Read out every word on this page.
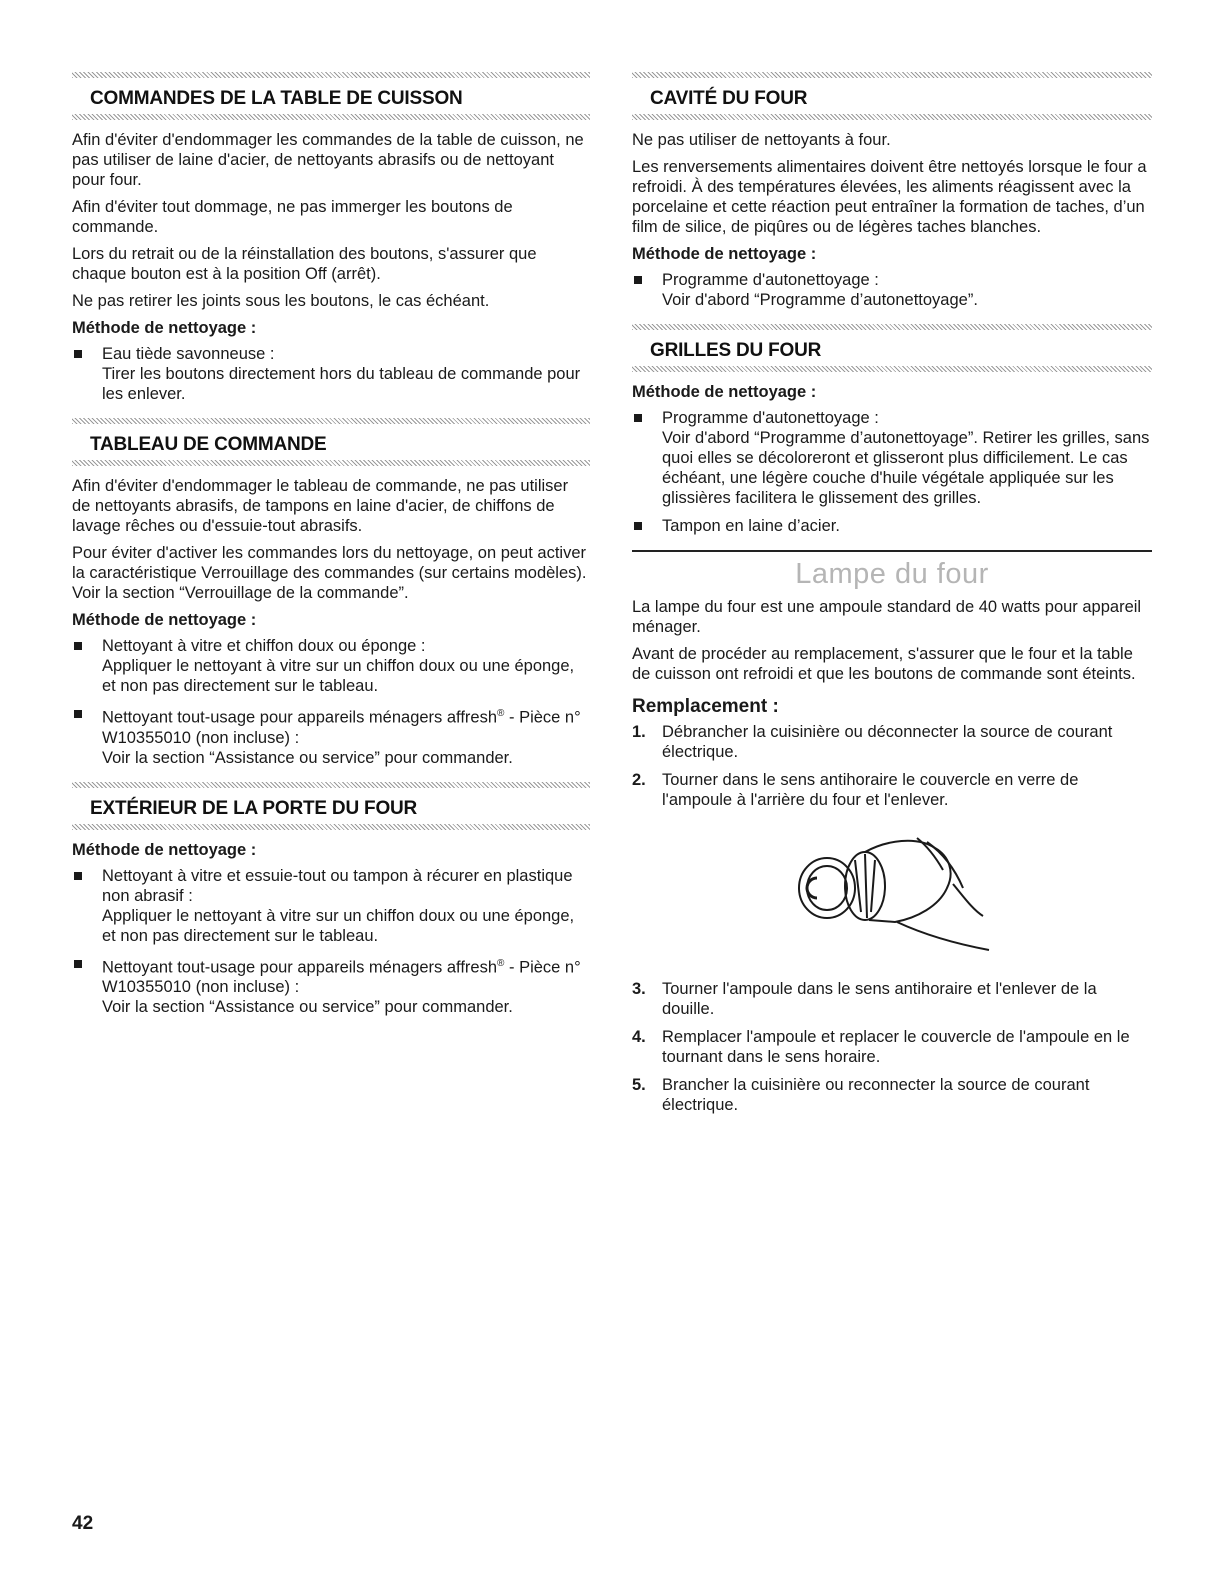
COMMANDES DE LA TABLE DE CUISSON

Afin d'éviter d'endommager les commandes de la table de cuisson, ne pas utiliser de laine d'acier, de nettoyants abrasifs ou de nettoyant pour four.

Afin d'éviter tout dommage, ne pas immerger les boutons de commande.

Lors du retrait ou de la réinstallation des boutons, s'assurer que chaque bouton est à la position Off (arrêt).

Ne pas retirer les joints sous les boutons, le cas échéant.

Méthode de nettoyage :
Eau tiède savonneuse :
Tirer les boutons directement hors du tableau de commande pour les enlever.
TABLEAU DE COMMANDE

Afin d'éviter d'endommager le tableau de commande, ne pas utiliser de nettoyants abrasifs, de tampons en laine d'acier, de chiffons de lavage rêches ou d'essuie-tout abrasifs.

Pour éviter d'activer les commandes lors du nettoyage, on peut activer la caractéristique Verrouillage des commandes (sur certains modèles). Voir la section “Verrouillage de la commande”.

Méthode de nettoyage :
Nettoyant à vitre et chiffon doux ou éponge :
Appliquer le nettoyant à vitre sur un chiffon doux ou une éponge, et non pas directement sur le tableau.
Nettoyant tout-usage pour appareils ménagers affresh® - Pièce n° W10355010 (non incluse) :
Voir la section “Assistance ou service” pour commander.
EXTÉRIEUR DE LA PORTE DU FOUR
Méthode de nettoyage :
Nettoyant à vitre et essuie-tout ou tampon à récurer en plastique non abrasif :
Appliquer le nettoyant à vitre sur un chiffon doux ou une éponge, et non pas directement sur le tableau.
Nettoyant tout-usage pour appareils ménagers affresh® - Pièce n° W10355010 (non incluse) :
Voir la section “Assistance ou service” pour commander.
CAVITÉ DU FOUR

Ne pas utiliser de nettoyants à four.

Les renversements alimentaires doivent être nettoyés lorsque le four a refroidi. À des températures élevées, les aliments réagissent avec la porcelaine et cette réaction peut entraîner la formation de taches, d’un film de silice, de piqûres ou de légères taches blanches.

Méthode de nettoyage :
Programme d'autonettoyage :
Voir d'abord “Programme d’autonettoyage”.
GRILLES DU FOUR
Méthode de nettoyage :
Programme d'autonettoyage :
Voir d'abord “Programme d’autonettoyage”. Retirer les grilles, sans quoi elles se décoloreront et glisseront plus difficilement. Le cas échéant, une légère couche d'huile végétale appliquée sur les glissières facilitera le glissement des grilles.
Tampon en laine d’acier.
Lampe du four

La lampe du four est une ampoule standard de 40 watts pour appareil ménager.

Avant de procéder au remplacement, s'assurer que le four et la table de cuisson ont refroidi et que les boutons de commande sont éteints.

Remplacement :
1. Débrancher la cuisinière ou déconnecter la source de courant électrique.
2. Tourner dans le sens antihoraire le couvercle en verre de l'ampoule à l'arrière du four et l'enlever.
3. Tourner l'ampoule dans le sens antihoraire et l'enlever de la douille.
4. Remplacer l'ampoule et replacer le couvercle de l'ampoule en le tournant dans le sens horaire.
5. Brancher la cuisinière ou reconnecter la source de courant électrique.
42
